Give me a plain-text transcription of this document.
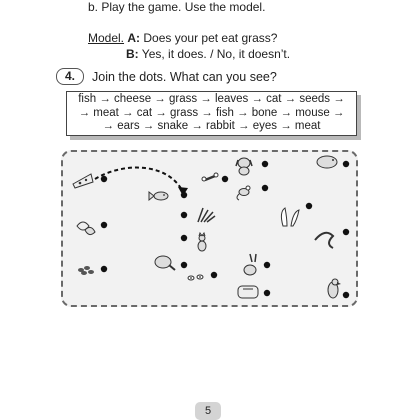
b. Play the game. Use the model.
Model. A: Does your pet eat grass?
B: Yes, it does. / No, it doesn’t.
4.	Join the dots. What can you see?
fish → cheese → grass → leaves → cat → seeds →
→ meat → cat → grass → fish → bone → mouse →
→ ears → snake → rabbit → eyes → meat
5
